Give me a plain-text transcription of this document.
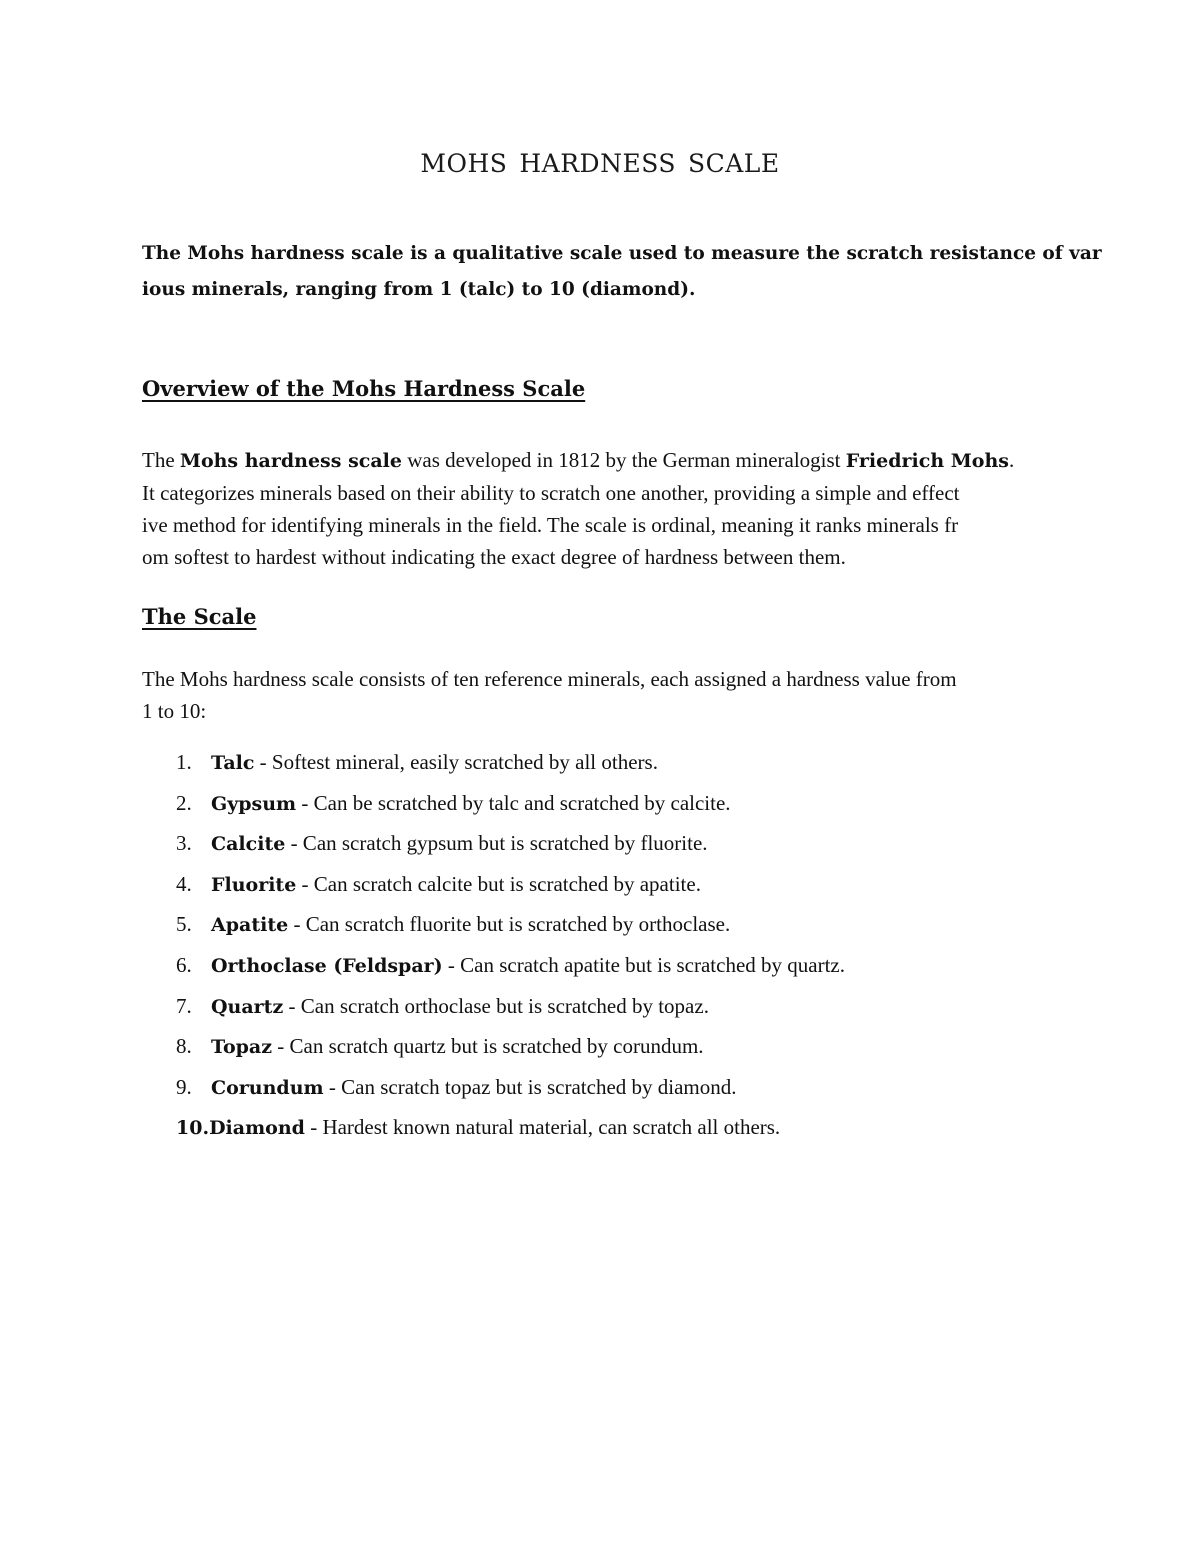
mohs hardness scale
The Mohs hardness scale is a qualitative scale used to measure the scratch resistance of var
ious minerals, ranging from 1 (talc) to 10 (diamond).
Overview of the Mohs Hardness Scale
The Mohs hardness scale was developed in 1812 by the German mineralogist Friedrich Mohs.
It categorizes minerals based on their ability to scratch one another, providing a simple and effect
ive method for identifying minerals in the field. The scale is ordinal, meaning it ranks minerals fr
om softest to hardest without indicating the exact degree of hardness between them.
The Scale
The Mohs hardness scale consists of ten reference minerals, each assigned a hardness value from
1 to 10:
1. Talc - Softest mineral, easily scratched by all others.
2. Gypsum - Can be scratched by talc and scratched by calcite.
3. Calcite - Can scratch gypsum but is scratched by fluorite.
4. Fluorite - Can scratch calcite but is scratched by apatite.
5. Apatite - Can scratch fluorite but is scratched by orthoclase.
6. Orthoclase (Feldspar) - Can scratch apatite but is scratched by quartz.
7. Quartz - Can scratch orthoclase but is scratched by topaz.
8. Topaz - Can scratch quartz but is scratched by corundum.
9. Corundum - Can scratch topaz but is scratched by diamond.
10.Diamond - Hardest known natural material, can scratch all others.
